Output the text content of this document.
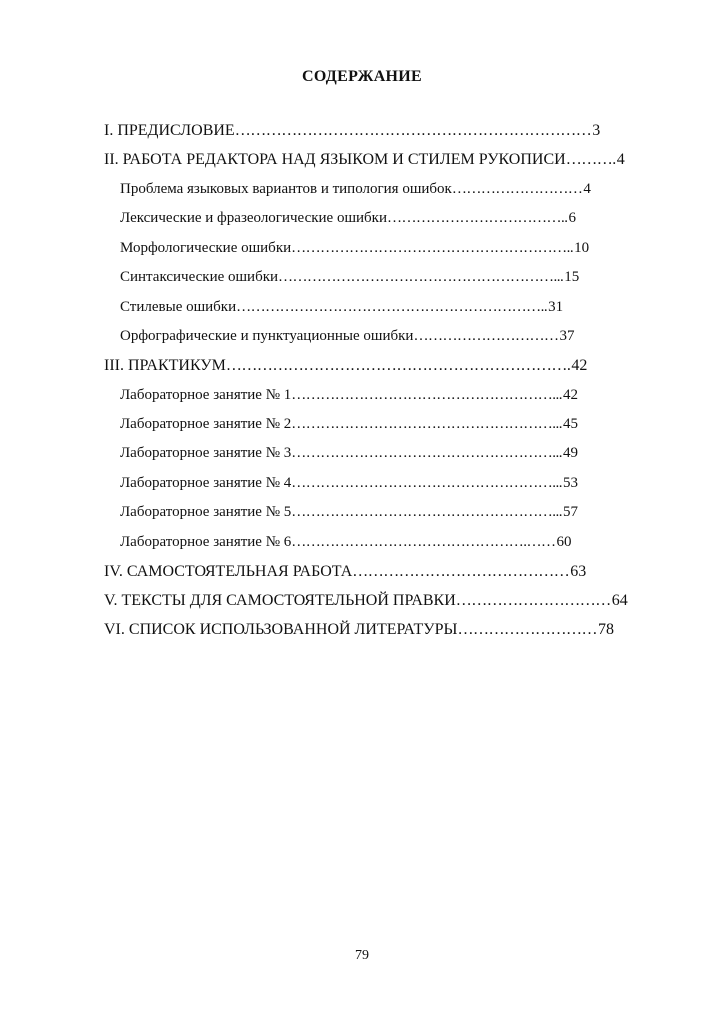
СОДЕРЖАНИЕ
I. ПРЕДИСЛОВИЕ …………………………………………………………… 3
II. РАБОТА РЕДАКТОРА НАД ЯЗЫКОМ И СТИЛЕМ РУКОПИСИ ………. 4
Проблема языковых вариантов и типология ошибок ……………………… 4
Лексические и фразеологические ошибки ……………………………….. 6
Морфологические ошибки ………………………………………………….. 10
Синтаксические ошибки …………………………………………………... 15
Стилевые ошибки ……………………………………………………….. 31
Орфографические и пунктуационные ошибки ………………………… 37
III. ПРАКТИКУМ …………………………………………………………. 42
Лабораторное занятие № 1 ………………………………………………... 42
Лабораторное занятие № 2 ………………………………………………... 45
Лабораторное занятие № 3 ………………………………………………... 49
Лабораторное занятие № 4 ………………………………………………... 53
Лабораторное занятие № 5 ………………………………………………... 57
Лабораторное занятие № 6 ………………………………………….…… 60
IV. САМОСТОЯТЕЛЬНАЯ РАБОТА …………………………………… 63
V. ТЕКСТЫ ДЛЯ САМОСТОЯТЕЛЬНОЙ ПРАВКИ ………………………… 64
VI. СПИСОК ИСПОЛЬЗОВАННОЙ ЛИТЕРАТУРЫ ……………………… 78
79
